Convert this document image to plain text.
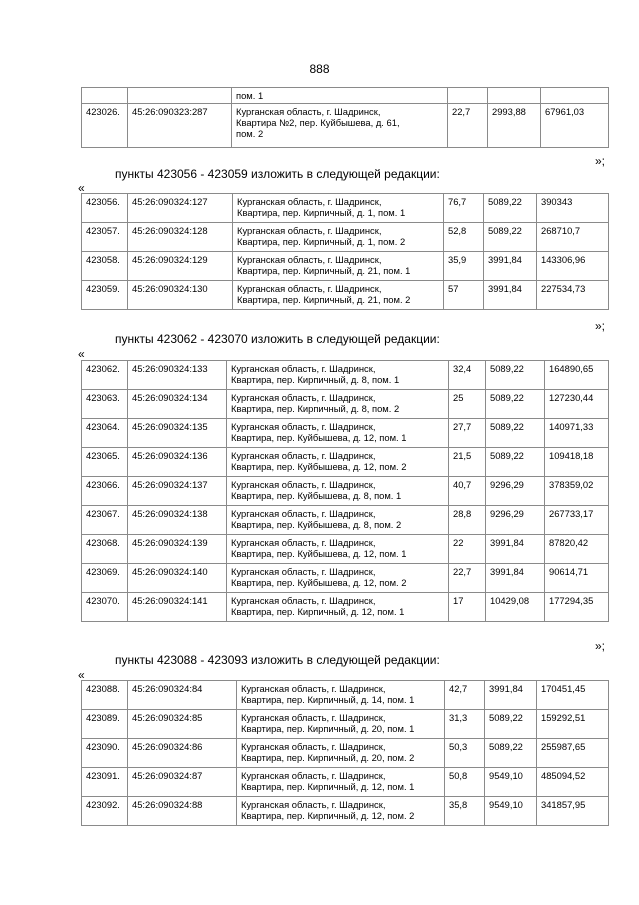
888
		пом. 1			
423026.	45:26:090323:287	Курганская область, г. Шадринск,
Квартира №2, пер. Куйбышева, д. 61,
пом. 2	22,7	2993,88	67961,03
»;
пункты 423056 - 423059 изложить в следующей редакции:
«
423056.	45:26:090324:127	Курганская область, г. Шадринск,
Квартира, пер. Кирпичный, д. 1, пом. 1	76,7	5089,22	390343
423057.	45:26:090324:128	Курганская область, г. Шадринск,
Квартира, пер. Кирпичный, д. 1, пом. 2	52,8	5089,22	268710,7
423058.	45:26:090324:129	Курганская область, г. Шадринск,
Квартира, пер. Кирпичный, д. 21, пом. 1	35,9	3991,84	143306,96
423059.	45:26:090324:130	Курганская область, г. Шадринск,
Квартира, пер. Кирпичный, д. 21, пом. 2	57	3991,84	227534,73
»;
пункты 423062 - 423070 изложить в следующей редакции:
«
423062.	45:26:090324:133	Курганская область, г. Шадринск,
Квартира, пер. Кирпичный, д. 8, пом. 1	32,4	5089,22	164890,65
423063.	45:26:090324:134	Курганская область, г. Шадринск,
Квартира, пер. Кирпичный, д. 8, пом. 2	25	5089,22	127230,44
423064.	45:26:090324:135	Курганская область, г. Шадринск,
Квартира, пер. Куйбышева, д. 12, пом. 1	27,7	5089,22	140971,33
423065.	45:26:090324:136	Курганская область, г. Шадринск,
Квартира, пер. Куйбышева, д. 12, пом. 2	21,5	5089,22	109418,18
423066.	45:26:090324:137	Курганская область, г. Шадринск,
Квартира, пер. Куйбышева, д. 8, пом. 1	40,7	9296,29	378359,02
423067.	45:26:090324:138	Курганская область, г. Шадринск,
Квартира, пер. Куйбышева, д. 8, пом. 2	28,8	9296,29	267733,17
423068.	45:26:090324:139	Курганская область, г. Шадринск,
Квартира, пер. Куйбышева, д. 12, пом. 1	22	3991,84	87820,42
423069.	45:26:090324:140	Курганская область, г. Шадринск,
Квартира, пер. Куйбышева, д. 12, пом. 2	22,7	3991,84	90614,71
423070.	45:26:090324:141	Курганская область, г. Шадринск,
Квартира, пер. Кирпичный, д. 12, пом. 1	17	10429,08	177294,35
»;
пункты 423088 - 423093 изложить в следующей редакции:
«
423088.	45:26:090324:84	Курганская область, г. Шадринск,
Квартира, пер. Кирпичный, д. 14, пом. 1	42,7	3991,84	170451,45
423089.	45:26:090324:85	Курганская область, г. Шадринск,
Квартира, пер. Кирпичный, д. 20, пом. 1	31,3	5089,22	159292,51
423090.	45:26:090324:86	Курганская область, г. Шадринск,
Квартира, пер. Кирпичный, д. 20, пом. 2	50,3	5089,22	255987,65
423091.	45:26:090324:87	Курганская область, г. Шадринск,
Квартира, пер. Кирпичный, д. 12, пом. 1	50,8	9549,10	485094,52
423092.	45:26:090324:88	Курганская область, г. Шадринск,
Квартира, пер. Кирпичный, д. 12, пом. 2	35,8	9549,10	341857,95
